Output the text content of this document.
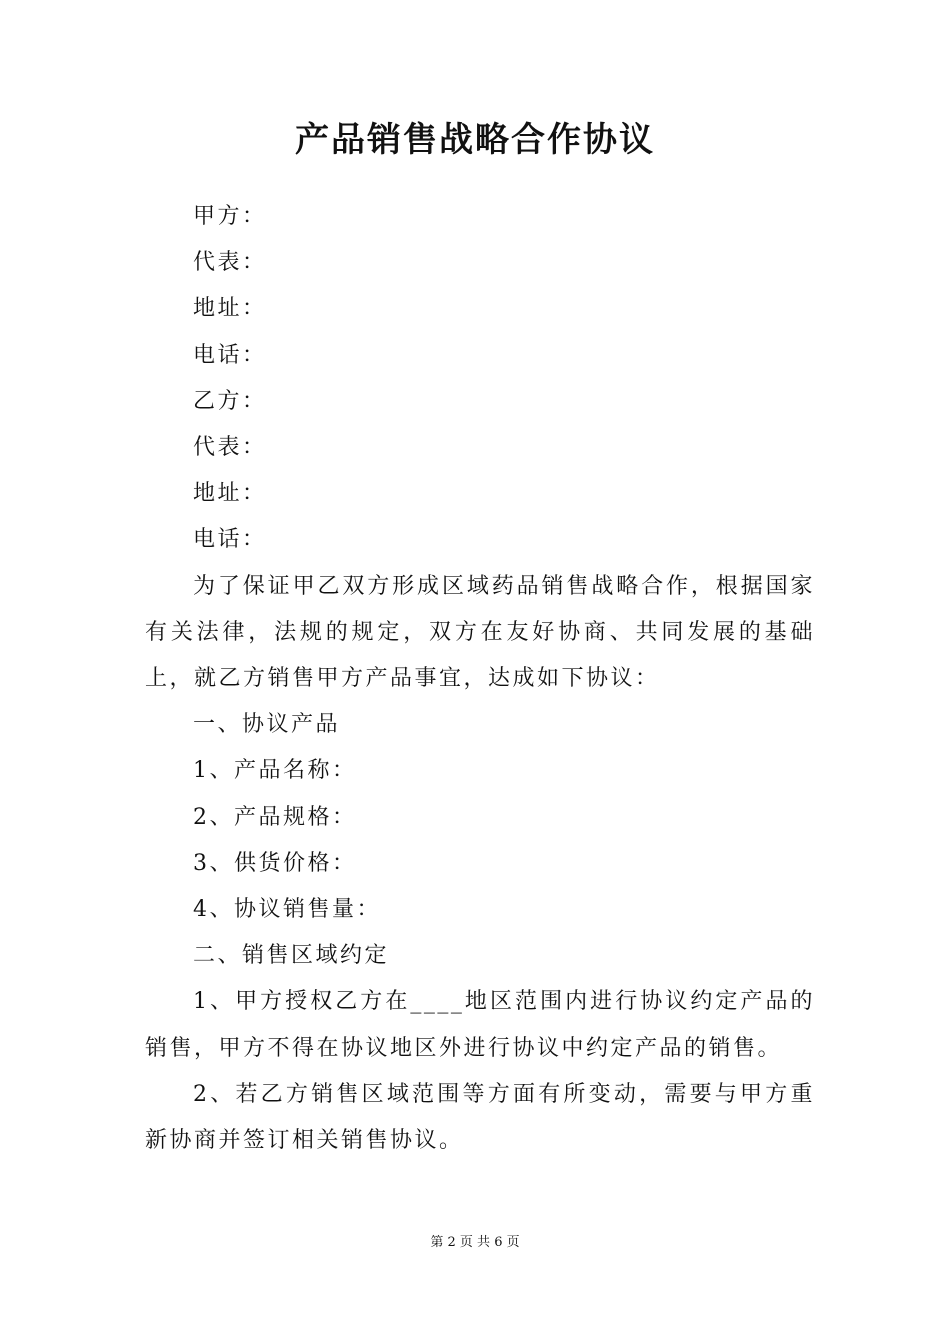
产品销售战略合作协议

甲方：

代表：

地址：

电话：

乙方：

代表：

地址：

电话：

为了保证甲乙双方形成区域药品销售战略合作，根据国家有关法律，法规的规定，双方在友好协商、共同发展的基础上，就乙方销售甲方产品事宜，达成如下协议：

一、协议产品

1、产品名称：

2、产品规格：

3、供货价格：

4、协议销售量：

二、销售区域约定

1、甲方授权乙方在____地区范围内进行协议约定产品的销售，甲方不得在协议地区外进行协议中约定产品的销售。

2、若乙方销售区域范围等方面有所变动，需要与甲方重新协商并签订相关销售协议。

第 2 页 共 6 页
